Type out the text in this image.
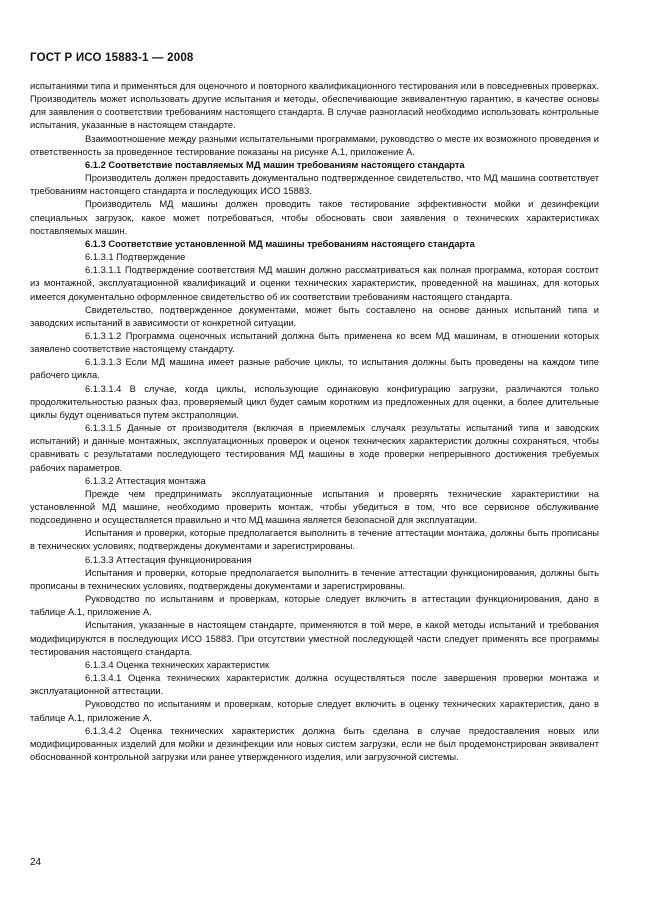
ГОСТ Р ИСО 15883-1 — 2008

испытаниями типа и применяться для оценочного и повторного квалификационного тестирования или в повседневных проверках. Производитель может использовать другие испытания и методы, обеспечивающие эквивалентную гарантию, в качестве основы для заявления о соответствии требованиям настоящего стандарта. В случае разногласий необходимо использовать контрольные испытания, указанные в настоящем стандарте.

Взаимоотношение между разными испытательными программами, руководство о месте их возможного проведения и ответственность за проведенное тестирование показаны на рисунке А.1, приложение А.

6.1.2 Соответствие поставляемых МД машин требованиям настоящего стандарта

Производитель должен предоставить документально подтвержденное свидетельство, что МД машина соответствует требованиям настоящего стандарта и последующих ИСО 15883.

Производитель МД машины должен проводить такое тестирование эффективности мойки и дезинфекции специальных загрузок, какое может потребоваться, чтобы обосновать свои заявления о технических характеристиках поставляемых машин.

6.1.3 Соответствие установленной МД машины требованиям настоящего стандарта

6.1.3.1 Подтверждение

6.1.3.1.1 Подтверждение соответствия МД машин должно рассматриваться как полная программа, которая состоит из монтажной, эксплуатационной квалификаций и оценки технических характеристик, проведенной на машинах, для которых имеется документально оформленное свидетельство об их соответствии требованиям настоящего стандарта.

Свидетельство, подтвержденное документами, может быть составлено на основе данных испытаний типа и заводских испытаний в зависимости от конкретной ситуации.

6.1.3.1.2 Программа оценочных испытаний должна быть применена ко всем МД машинам, в отношении которых заявлено соответствие настоящему стандарту.

6.1.3.1.3 Если МД машина имеет разные рабочие циклы, то испытания должны быть проведены на каждом типе рабочего цикла.

6.1.3.1.4 В случае, когда циклы, использующие одинаковую конфигурацию загрузки, различаются только продолжительностью разных фаз, проверяемый цикл будет самым коротким из предложенных для оценки, а более длительные циклы будут оцениваться путем экстраполяции.

6.1.3.1.5 Данные от производителя (включая в приемлемых случаях результаты испытаний типа и заводских испытаний) и данные монтажных, эксплуатационных проверок и оценок технических характеристик должны сохраняться, чтобы сравнивать с результатами последующего тестирования МД машины в ходе проверки непрерывного достижения требуемых рабочих параметров.

6.1.3.2 Аттестация монтажа

Прежде чем предпринимать эксплуатационные испытания и проверять технические характеристики на установленной МД машине, необходимо проверить монтаж, чтобы убедиться в том, что все сервисное обслуживание подсоединено и осуществляется правильно и что МД машина является безопасной для эксплуатации.

Испытания и проверки, которые предполагается выполнить в течение аттестации монтажа, должны быть прописаны в технических условиях, подтверждены документами и зарегистрированы.

6.1.3.3 Аттестация функционирования

Испытания и проверки, которые предполагается выполнить в течение аттестации функционирования, должны быть прописаны в технических условиях, подтверждены документами и зарегистрированы.

Руководство по испытаниям и проверкам, которые следует включить в аттестации функционирования, дано в таблице А.1, приложение А.

Испытания, указанные в настоящем стандарте, применяются в той мере, в какой методы испытаний и требования модифицируются в последующих ИСО 15883. При отсутствии уместной последующей части следует применять все программы тестирования настоящего стандарта.

6.1.3.4 Оценка технических характеристик

6.1.3.4.1 Оценка технических характеристик должна осуществляться после завершения проверки монтажа и эксплуатационной аттестации.

Руководство по испытаниям и проверкам, которые следует включить в оценку технических характеристик, дано в таблице А.1, приложение А.

6.1.3.4.2 Оценка технических характеристик должна быть сделана в случае предоставления новых или модифицированных изделий для мойки и дезинфекции или новых систем загрузки, если не был продемонстрирован эквивалент обоснованной контрольной загрузки или ранее утвержденного изделия, или загрузочной системы.

24
